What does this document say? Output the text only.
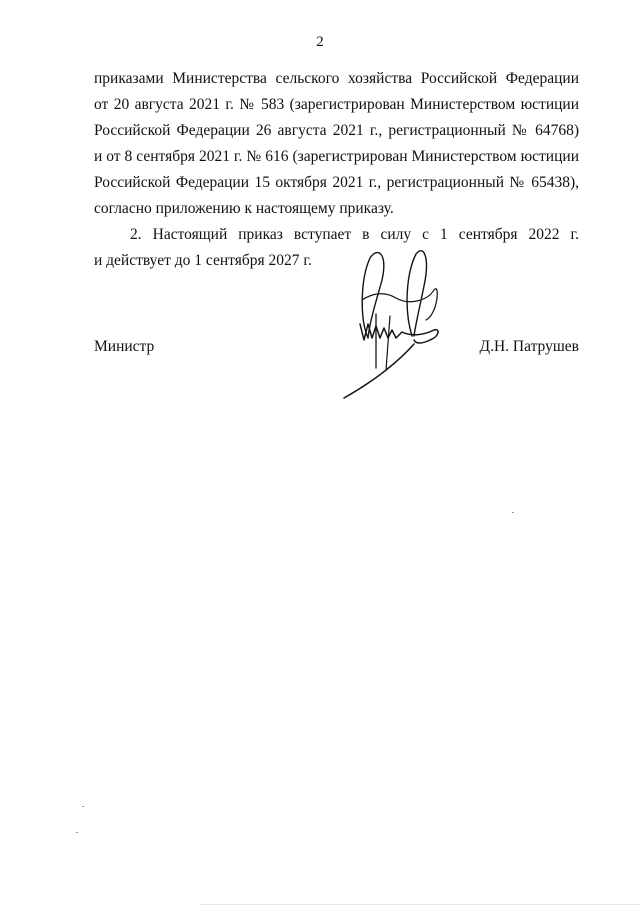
2
приказами Министерства сельского хозяйства Российской Федерации
от 20 августа 2021 г. № 583 (зарегистрирован Министерством юстиции
Российской Федерации 26 августа 2021 г., регистрационный № 64768)
и от 8 сентября 2021 г. № 616 (зарегистрирован Министерством юстиции
Российской Федерации 15 октября 2021 г., регистрационный № 65438),
согласно приложению к настоящему приказу.
2. Настоящий приказ вступает в силу с 1 сентября 2022 г.
и действует до 1 сентября 2027 г.
Министр	Д.Н. Патрушев
